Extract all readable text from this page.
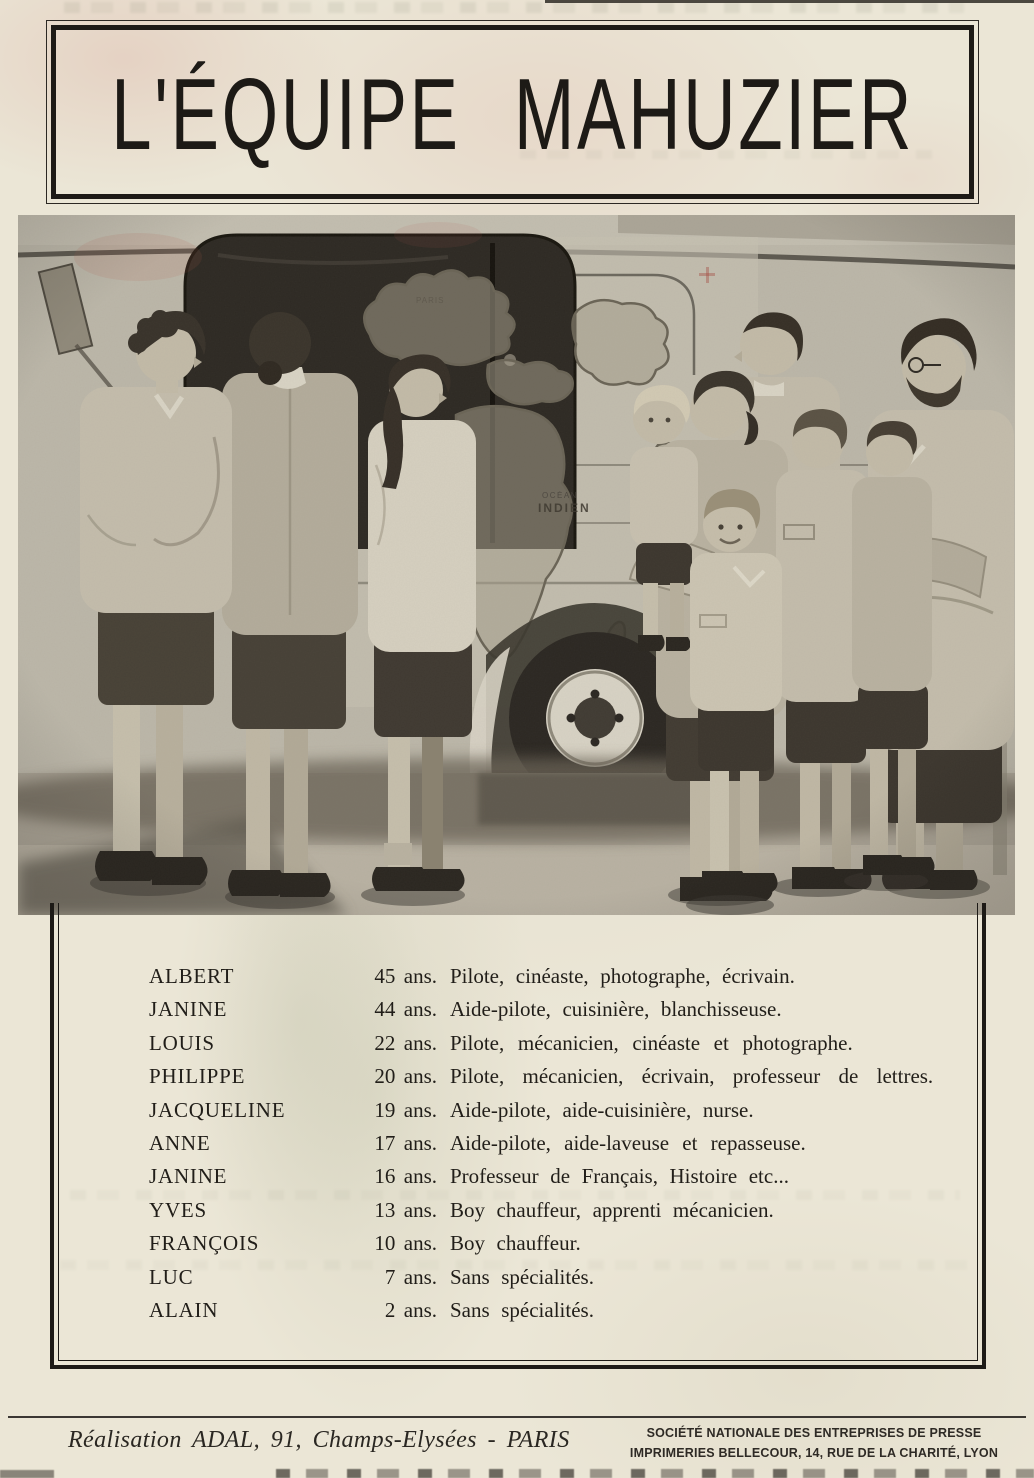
L'ÉQUIPE MAHUZIER
ALBERT	45 ans. Pilote, cinéaste, photographe, écrivain.
JANINE	44 ans. Aide-pilote, cuisinière, blanchisseuse.
LOUIS	22 ans. Pilote, mécanicien, cinéaste et photographe.
PHILIPPE	20 ans. Pilote, mécanicien, écrivain, professeur de lettres.
JACQUELINE	19 ans. Aide-pilote, aide-cuisinière, nurse.
ANNE	17 ans. Aide-pilote, aide-laveuse et repasseuse.
JANINE	16 ans. Professeur de Français, Histoire etc...
YVES	13 ans. Boy chauffeur, apprenti mécanicien.
FRANÇOIS	10 ans. Boy chauffeur.
LUC	7 ans. Sans spécialités.
ALAIN	2 ans. Sans spécialités.
Réalisation ADAL, 91, Champs-Elysées - PARIS	SOCIÉTÉ NATIONALE DES ENTREPRISES DE PRESSE
IMPRIMERIES BELLECOUR, 14, RUE DE LA CHARITÉ, LYON
